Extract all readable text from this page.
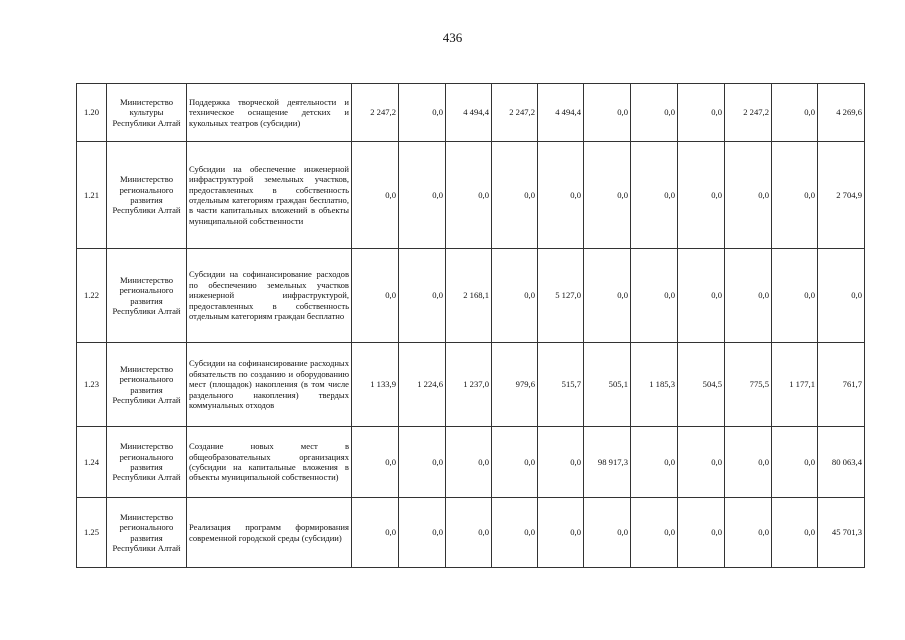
436
1.20	Министерство культуры Республики Алтай	Поддержка творческой деятельности и техническое оснащение детских и кукольных театров (субсидии)	2 247,2	0,0	4 494,4	2 247,2	4 494,4	0,0	0,0	0,0	2 247,2	0,0	4 269,6
1.21	Министерство регионального развития Республики Алтай	Субсидии на обеспечение инженерной инфраструктурой земельных участков, предоставленных в собственность отдельным категориям граждан бесплатно, в части капитальных вложений в объекты муниципальной собственности	0,0	0,0	0,0	0,0	0,0	0,0	0,0	0,0	0,0	0,0	2 704,9
1.22	Министерство регионального развития Республики Алтай	Субсидии на софинансирование расходов по обеспечению земельных участков инженерной инфраструктурой, предоставленных в собственность отдельным категориям граждан бесплатно	0,0	0,0	2 168,1	0,0	5 127,0	0,0	0,0	0,0	0,0	0,0	0,0
1.23	Министерство регионального развития Республики Алтай	Субсидии на софинансирование расходных обязательств по созданию и оборудованию мест (площадок) накопления (в том числе раздельного накопления) твердых коммунальных отходов	1 133,9	1 224,6	1 237,0	979,6	515,7	505,1	1 185,3	504,5	775,5	1 177,1	761,7
1.24	Министерство регионального развития Республики Алтай	Создание новых мест в общеобразовательных организациях (субсидии на капитальные вложения в объекты муниципальной собственности)	0,0	0,0	0,0	0,0	0,0	98 917,3	0,0	0,0	0,0	0,0	80 063,4
1.25	Министерство регионального развития Республики Алтай	Реализация программ формирования современной городской среды (субсидии)	0,0	0,0	0,0	0,0	0,0	0,0	0,0	0,0	0,0	0,0	45 701,3
